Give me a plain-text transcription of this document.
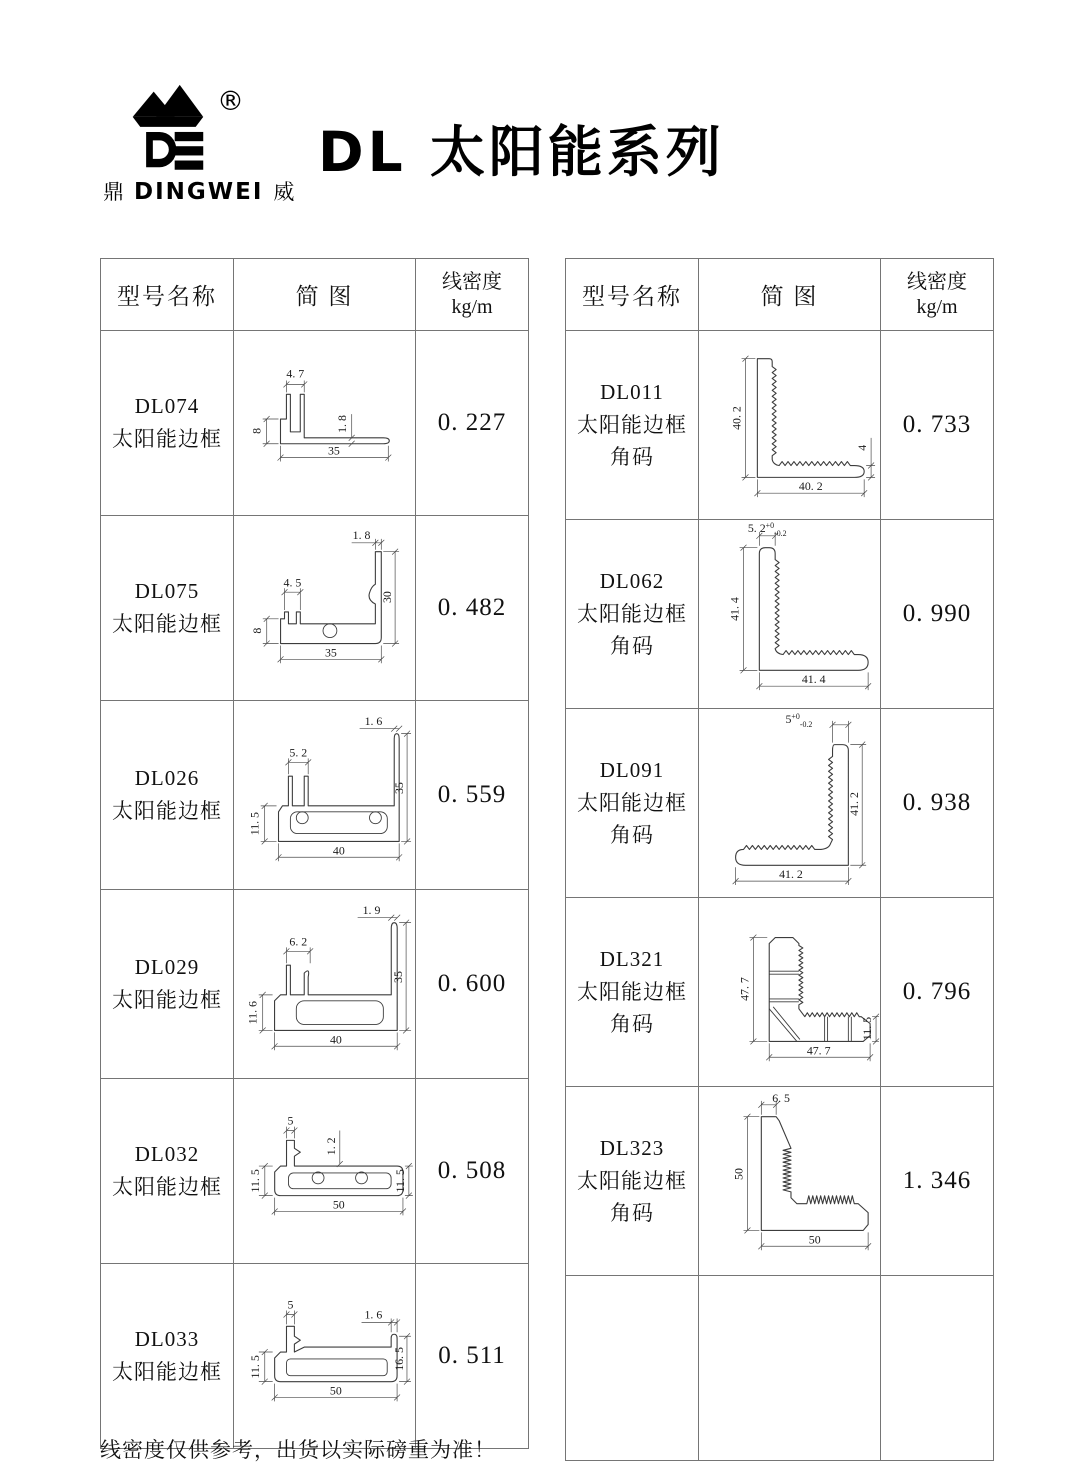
®
鼎 DINGWEI 威
DL 太阳能系列
型号名称	简 图	线密度
kg/m

DL074
太阳能边框

4. 7
8	1. 8
35
	0. 227

DL075
太阳能边框

1. 8
4. 5
8
30
35
	0. 482

DL026
太阳能边框

5. 2
1. 6
35
11. 5
40
	0. 559

DL029
太阳能边框

6. 2
1. 9
35
11. 6
40
	0. 600

DL032
太阳能边框

5
1. 2
11. 5	11. 5
50
	0. 508

DL033
太阳能边框

5
1. 6
11. 5	16. 5
50
	0. 511
型号名称	简 图	线密度
kg/m

DL011
太阳能边框
角码

40. 2
4
40. 2
	0. 733

DL062
太阳能边框
角码

5. $2^{+0}_{-0.2}$
41. 4
41. 4
	0. 990

DL091
太阳能边框
角码

$5^{+0}_{-0.2}$
41. 2
41. 2
	0. 938

DL321
太阳能边框
角码

47. 7
47. 7
11. 5
	0. 796

DL323
太阳能边框
角码

6. 5
50
50
	1. 346

线密度仅供参考，出货以实际磅重为准！
